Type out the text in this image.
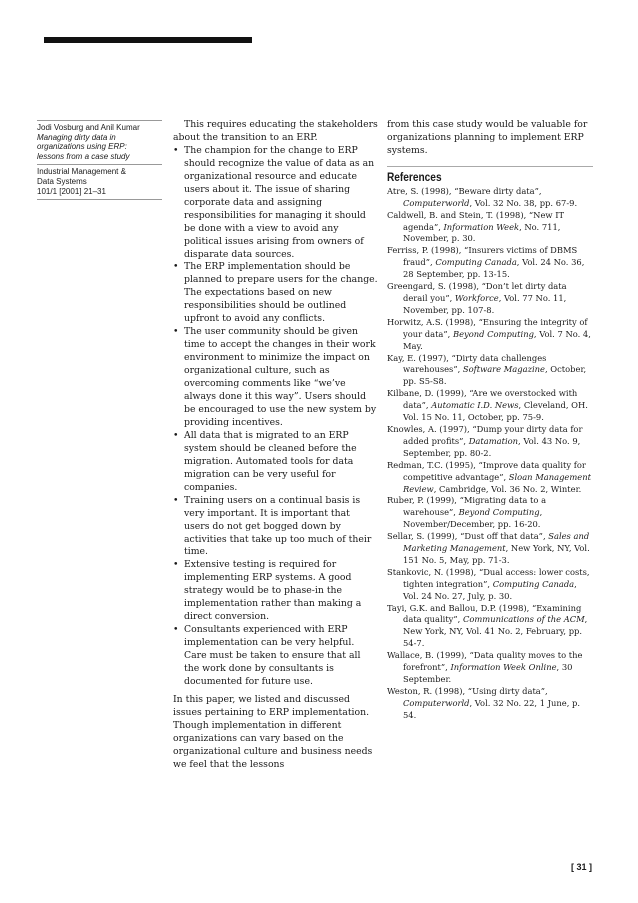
Jodi Vosburg and Anil Kumar
Managing dirty data in
organizations using ERP:
lessons from a case study
Industrial Management &
Data Systems
101/1 [2001] 21–31

This requires educating the stakeholders about the transition to an ERP.

• The champion for the change to ERP should recognize the value of data as an organizational resource and educate users about it. The issue of sharing corporate data and assigning responsibilities for managing it should be done with a view to avoid any political issues arising from owners of disparate data sources.
• The ERP implementation should be planned to prepare users for the change. The expectations based on new responsibilities should be outlined upfront to avoid any conflicts.
• The user community should be given time to accept the changes in their work environment to minimize the impact on organizational culture, such as overcoming comments like “we’ve always done it this way”. Users should be encouraged to use the new system by providing incentives.
• All data that is migrated to an ERP system should be cleaned before the migration. Automated tools for data migration can be very useful for companies.
• Training users on a continual basis is very important. It is important that users do not get bogged down by activities that take up too much of their time.
• Extensive testing is required for implementing ERP systems. A good strategy would be to phase-in the implementation rather than making a direct conversion.
• Consultants experienced with ERP implementation can be very helpful. Care must be taken to ensure that all the work done by consultants is documented for future use.

In this paper, we listed and discussed issues pertaining to ERP implementation. Though implementation in different organizations can vary based on the organizational culture and business needs we feel that the lessons

from this case study would be valuable for organizations planning to implement ERP systems.

References
Atre, S. (1998), “Beware dirty data”, Computerworld, Vol. 32 No. 38, pp. 67-9.
Caldwell, B. and Stein, T. (1998), “New IT agenda”, Information Week, No. 711, November, p. 30.
Ferriss, P. (1998), “Insurers victims of DBMS fraud”, Computing Canada, Vol. 24 No. 36, 28 September, pp. 13-15.
Greengard, S. (1998), “Don’t let dirty data derail you”, Workforce, Vol. 77 No. 11, November, pp. 107-8.
Horwitz, A.S. (1998), “Ensuring the integrity of your data”, Beyond Computing, Vol. 7 No. 4, May.
Kay, E. (1997), “Dirty data challenges warehouses”, Software Magazine, October, pp. S5-S8.
Kilbane, D. (1999), “Are we overstocked with data”, Automatic I.D. News, Cleveland, OH. Vol. 15 No. 11, October, pp. 75-9.
Knowles, A. (1997), “Dump your dirty data for added profits”, Datamation, Vol. 43 No. 9, September, pp. 80-2.
Redman, T.C. (1995), “Improve data quality for competitive advantage”, Sloan Management Review, Cambridge, Vol. 36 No. 2, Winter.
Ruber, P. (1999), “Migrating data to a warehouse”, Beyond Computing, November/December, pp. 16-20.
Sellar, S. (1999), “Dust off that data”, Sales and Marketing Management, New York, NY, Vol. 151 No. 5, May, pp. 71-3.
Stankovic, N. (1998), “Dual access: lower costs, tighten integration”, Computing Canada, Vol. 24 No. 27, July, p. 30.
Tayi, G.K. and Ballou, D.P. (1998), “Examining data quality”, Communications of the ACM, New York, NY, Vol. 41 No. 2, February, pp. 54-7.
Wallace, B. (1999), “Data quality moves to the forefront”, Information Week Online, 30 September.
Weston, R. (1998), “Using dirty data”, Computerworld, Vol. 32 No. 22, 1 June, p. 54.
[ 31 ]
